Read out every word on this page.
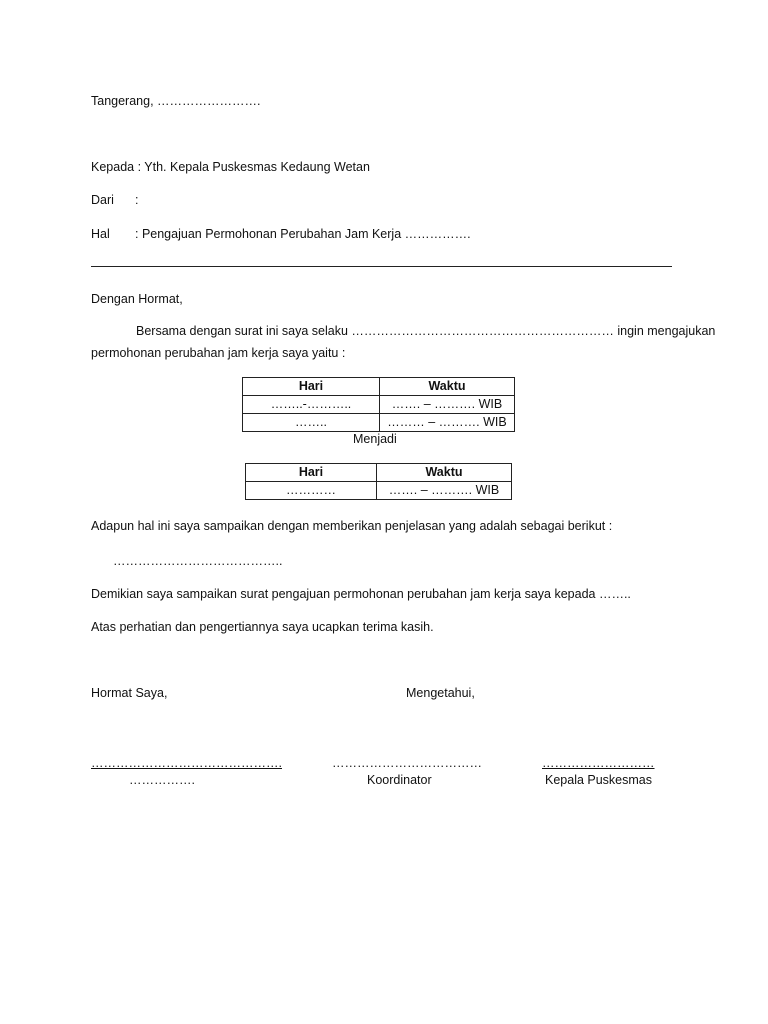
Tangerang, …………………….
Kepada : Yth. Kepala Puskesmas Kedaung Wetan
Dari :
Hal : Pengajuan Permohonan Perubahan Jam Kerja …………….
Dengan Hormat,
Bersama dengan surat ini saya selaku ……………………………………………………… ingin mengajukan
permohonan perubahan jam kerja saya yaitu :
Hari	Waktu
……..-………..	……. – ………. WIB
……..	……… – ………. WIB
Menjadi
Hari	Waktu
…………	……. – ………. WIB
Adapun hal ini saya sampaikan dengan memberikan penjelasan yang adalah sebagai berikut :
…………………………………..
Demikian saya sampaikan surat pengajuan permohonan perubahan jam kerja saya kepada ……..
Atas perhatian dan pengertiannya saya ucapkan terima kasih.
Hormat Saya,	Mengetahui,
……………………………………….
…………….
………………………………
Koordinator
………………………
Kepala Puskesmas
